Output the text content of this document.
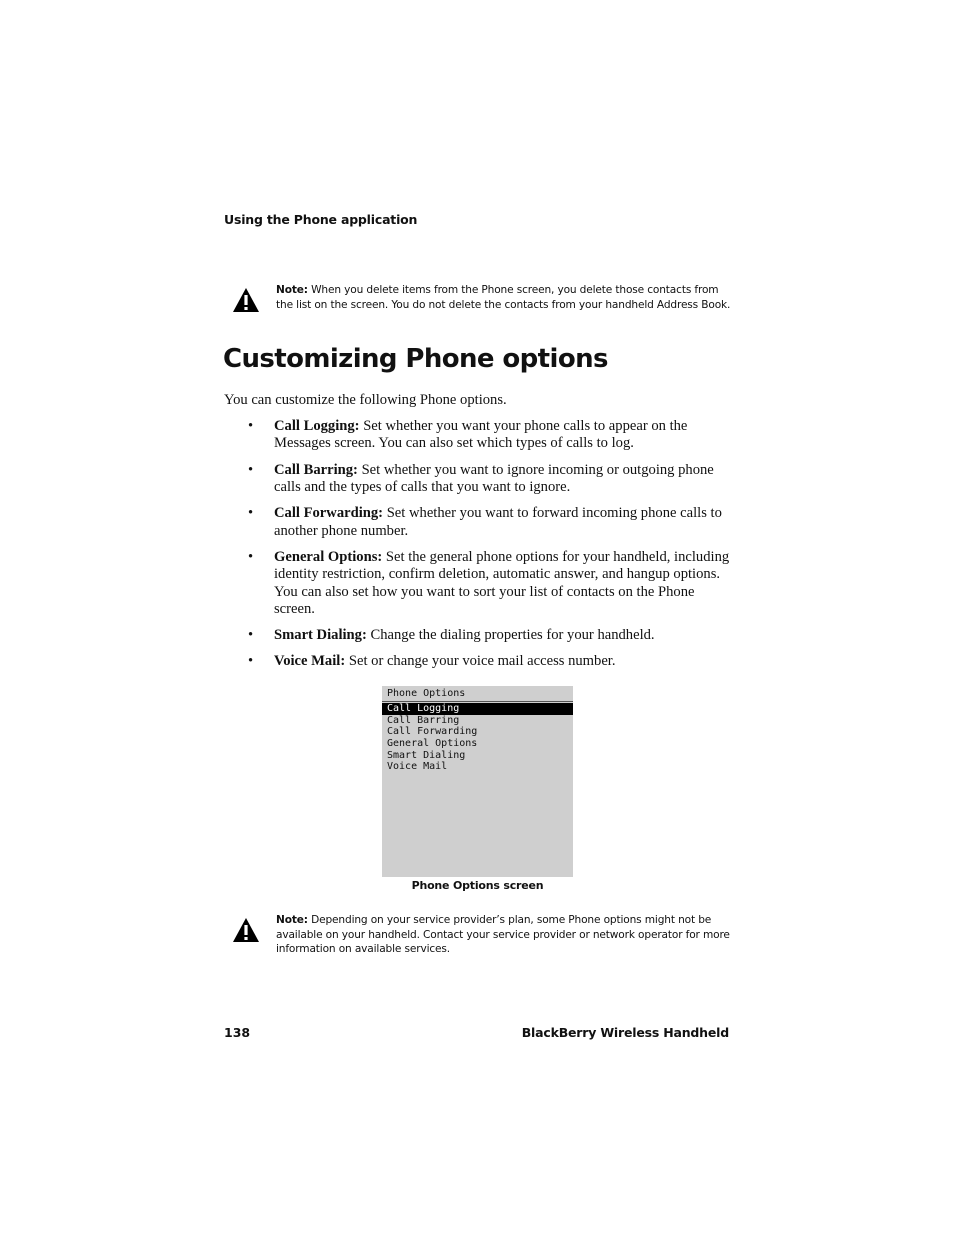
Using the Phone application
Note: When you delete items from the Phone screen, you delete those contacts from the list on the screen. You do not delete the contacts from your handheld Address Book.
Customizing Phone options
You can customize the following Phone options.
• Call Logging: Set whether you want your phone calls to appear on the Messages screen. You can also set which types of calls to log.
• Call Barring: Set whether you want to ignore incoming or outgoing phone calls and the types of calls that you want to ignore.
• Call Forwarding: Set whether you want to forward incoming phone calls to another phone number.
• General Options: Set the general phone options for your handheld, including identity restriction, confirm deletion, automatic answer, and hangup options. You can also set how you want to sort your list of contacts on the Phone screen.
• Smart Dialing: Change the dialing properties for your handheld.
• Voice Mail: Set or change your voice mail access number.
Phone Options
Call Logging
Call Barring
Call Forwarding
General Options
Smart Dialing
Voice Mail
Phone Options screen
Note: Depending on your service provider’s plan, some Phone options might not be available on your handheld. Contact your service provider or network operator for more information on available services.
138	BlackBerry Wireless Handheld
